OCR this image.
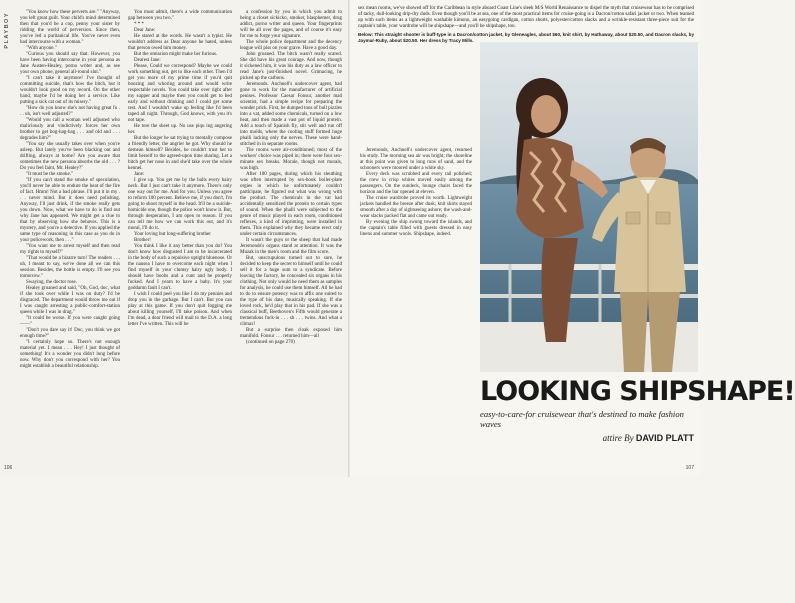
PLAYBOY	"You know how these perverts are." "Anyway, you left great guilt. Your child's mind determined then that you'd be a cop, penny your sister by ridding the world of perversion. Since then, you've led a puritanical life. You've never even had intercourse with a woman."

"With anyone."

"Curious you should say that. However, you have been having intercourse in your persona as Jane Austen-Healey, porno writer and, as see your own phone, general all-round slut."

"I can't take it anymore! I've thought of committing suicide, that's how the bitch, but it wouldn't look good on my record. On the other hand, maybe I'd be doing her a service. Like putting a sick cat out of its misery."

"How do you know she's not having great fu . . . uh, isn't well adjusted?"

"Would you call a woman well adjusted who maliciously and vindictively forces her own brother to get bog-hag-bag . . . and old and . . . degrades him?"

"You say she usually takes over when you're asleep. But lately you've been blacking out and drifting, always at home? Are you aware that sometimes the new persona absorbs the old . . . ? Do you feel faint, Mr. Healey?"

"It must be the smoke."

"If you can't stand the smoke of speculation, you'll never be able to endure the heat of the fire of fact. Hmm! Not a bad phrase. I'll put it in my . . . never mind. But it does need polishing. Anyway, I'll just drink, if the smoke really gets you down. Now, what we have to do is find out why Jane has appeared. We might get a clue to that by observing how she behaves. This is a mystery, and you're a detective. If you applied the same type of reasoning in this case as you do in your policework, then . . ."

"You want me to arrest myself and then read my rights to myself?"

"That would be a bizarre turn! The readers . . . uh, I meant to say, we've done all we can this session. Besides, the bottle is empty. I'll see you tomorrow."

Swaying, the doctor rose.

Healey groaned and said, "Oh, God, doc, what if she took over while I was on duty? I'd be disgraced. The department would throw me out if I was caught arresting a public-comfort-station queen while I was in drag."

"It could be worse. If you were caught going——"

"Don't you dare say it! Doc, you think we got enough time?"

"I certainly hope so. There's not enough material yet. I mean . . . Hey! I just thought of something! It's a wonder you didn't long before now. Why don't you correspond with her? You might establish a beautiful relationship.

You must admit, there's a wide communication gap between you two."

* * *

Dear Jane:

He stared at the words. He wasn't a typist. He wouldn't address as Dear anyone he hated, unless that person owed him money.

But the omission might make her furious.

Dearest Jane:

Please, Could we correspond? Maybe we could work something out, get to like each other. Then I'd get you more of my prime time if you'd quit boozing and whoring around and would write respectable novels. You could take over right after my supper and maybe then you could get to bed early and without drinking and I could get some rest. And I wouldn't wake up feeling like I'd been taped all night. Through, God knows, with you it's not tape.

He tore the sheet up. No use piqu ing angering her.

But the longer he sat trying to mentally compose a friendly letter, the angrier he got. Why should he demean himself? Besides, he couldn't trust her to limit herself to the agreed-upon time sharing. Let a bitch get her nose in and she'd take over the whole kennel.

Jane:

I give up. You get me by the balls every hairy neck. But I just can't take it anymore. There's only one way out for me. And for you. Unless you agree to reform 100 percent. Believe me, if you don't, I'm going to shoot myself in the head. It'll be a suicide-homicide one, though the police won't know it. But, through desperation, I am open to reason. If you can tell me how we can work this out, and it's moral, I'll do it.

Your loving but long-suffering brother

Brother!

You think I like it any better than you do? You don't know how disgusted I am to be incarcerated in the body of such a repulsive uptight bluenose. Or the nausea I have to overcome each night when I find myself in your clumsy hairy ugly body. I should have boobs and a cunt and be properly fucked. And I yearn to have a baby. It's your goddamn fault I can't.

I wish I could peel you like I do my pennies and drop you in the garbage. But I can't. But you can play at this game. If you don't quit fogging me about killing yourself, I'll take poison. And when I'm dead, a dear friend will mail to the D.A. a long letter I've written. This will be

a confession by you in which you admit to being a closet sickicko, smoker, blasphemer, drug addict, porno writer and queen. Your fingerprints will be all over the pages, and of course it's easy for me to forge your signature.

The whole police department and the decency league will piss on your grave. Have a good day.

John groaned. The bitch wasn't really scared. She did have his great courage. And now, though it sickened him, it was his duty as a law officer to read Jane's just-finished novel. Grimacing, he picked up the carbons.

Jeremonds. Anchnell's undercover agent, had gone to work for the manufacturer of artificial penises. Professor Caesar Fonsur, another mad scientist, had a simple recipe for preparing the wonder prick. First, he dumped tons of bull pizzles into a vat, added some chemicals, turned on a low heat, and then made a vast pot of liquid protein. Add a touch of Spanish fly, stir well and run off into molds, where the cooling stuff formed huge phalli lacking only the nerves. These were hand-stitched in in separate rooms.

The rooms were air-conditioned; most of the workers' choice was piped in; there were four sex-minute sex breaks. Morale, though not morals, was high.

After 100 pages, during which his sleuthing was often interrupted by sex-book boiler-plate orgies in which he unfortunately couldn't participate, he figured out what was wrong with the product. The chemicals in the vat had accidentally sensitized the protein to certain types of sound. When the phalli were subjected to the genre of music played in each room, conditioned reflexes, a kind of imprinting, were installed in them. This explained why they became erect only under certain circumstances.

It wasn't the guys or the sheep that had made Jeremonds's organs stand at attention. It was the Muzak in the men's room and the film score.

But, unscrupulous turned out to sure, he decided to keep the secret to himself until he could sell it for a huge sum to a syndicate. Before leaving the factory, he concealed six organs in his clothing. Not only would he need them as samples for analysis, he could use them himself. All he had to do to ensure potency was to affix one suited to the type of his date, musically speaking. If she loved rock, he'd play that in his pad. If she was a classical buff, Beethoven's Fifth would generate a tremendous fuck-in . . . sh . . . twins. And what a climax!

But a surprise then cloak exposed him manifold. Fonsur . . . returned him—all

(continued on page 270)

106

sex mean rooms, we've showed off for the Caribbean in style aboard Coast Line's sleek M/S World Renaissance to dispel the myth that cruisewear has to be comprised of tacky, dull-looking drip-dry duds. Even though you'll be at sea, one of the most practical items for cruise-going is a Dacron/cotton safari jacket or two. When teamed up with such items as a lightweight washable kimono, an easygoing cardigan, cotton shorts, polyester/cotton slacks and a wrinkle-resistant three-piece suit for the captain's table, your wardrobe will be shipshape—and you'll be shipshape, too.

Below: This straight shooter is buff-type in a Dacron/cotton jacket, by Gleneagles, about $60, knit shirt, by Hathaway, about $20.50, and Dacron slacks, by Jaymar-Ruby, about $20.50. Her dress by Tracy Mills.

Jeremonds, Anchnell's undercover agent, resumed his study. The morning sea air was bright; the shoreline at this point was given to long runs of sand, and the schooners were moored under a white sky.

Every deck was scrubbed and every rail polished; the crew in crisp whites moved easily among the passengers. On the sundeck, lounge chairs faced the horizon and the bar opened at eleven.

The cruise wardrobe proved its worth. Lightweight jackets handled the breeze after dusk; knit shirts stayed smooth after a day of sightseeing ashore; the wash-and-wear slacks packed flat and came out ready.

By evening the ship swung toward the islands, and the captain's table filled with guests dressed in easy linens and summer wools. Shipshape, indeed.

LOOKING SHIPSHAPE!

easy-to-care-for cruisewear that's destined to make fashion waves

attire By DAVID PLATT

107
